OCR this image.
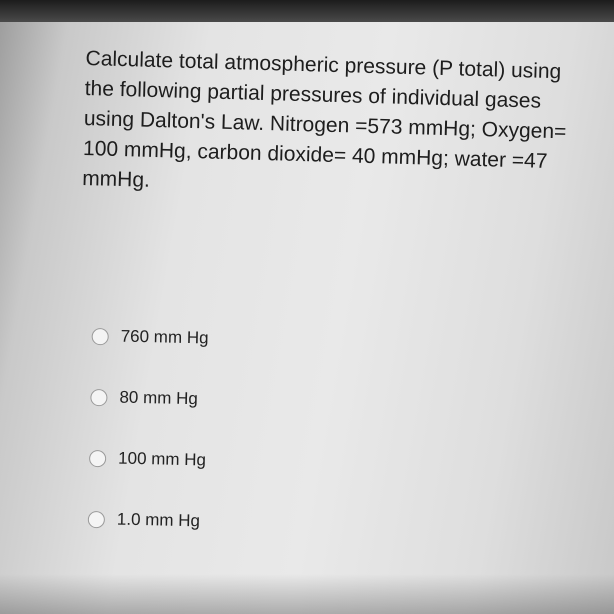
Calculate total atmospheric pressure (P total) using the following partial pressures of individual gases using Dalton's Law. Nitrogen =573 mmHg; Oxygen= 100 mmHg, carbon dioxide= 40 mmHg; water =47 mmHg.

760 mm Hg
80 mm Hg
100 mm Hg
1.0 mm Hg
